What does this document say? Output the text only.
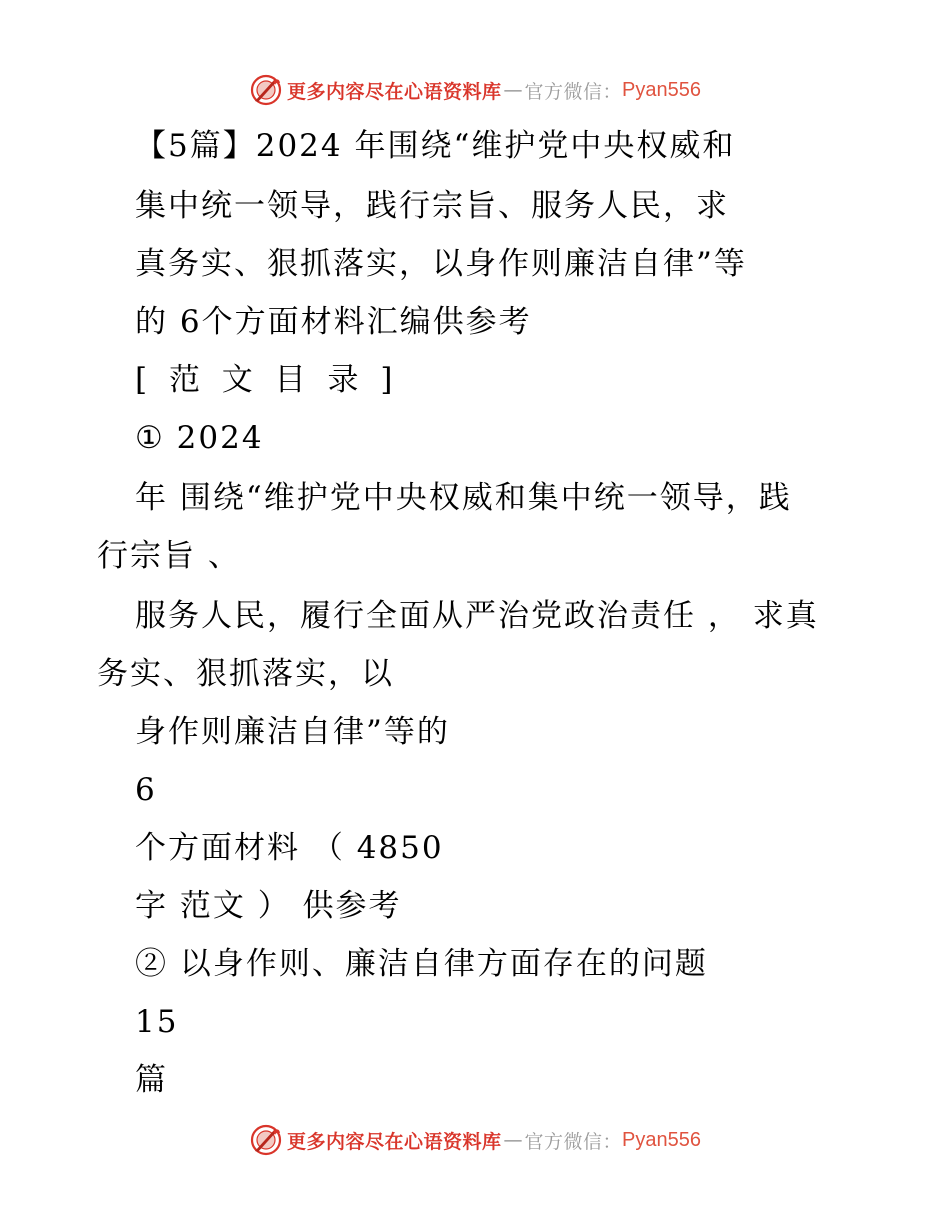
更多内容尽在心语资料库 — 官方微信： Pyan556
【5篇】2024 年围绕“维护党中央权威和
集中统一领导，践行宗旨、服务人民，求
真务实、狠抓落实，以身作则廉洁自律”等
的 6个方面材料汇编供参考
[ 范 文 目 录 ]
① 2024
年 围绕“维护党中央权威和集中统一领导，践
行宗旨 、
服务人民，履行全面从严治党政治责任 ， 求真
务实、狠抓落实，以
身作则廉洁自律”等的
6
个方面材料 （ 4850
字 范文 ） 供参考
② 以身作则、廉洁自律方面存在的问题
15
篇
更多内容尽在心语资料库 — 官方微信： Pyan556
